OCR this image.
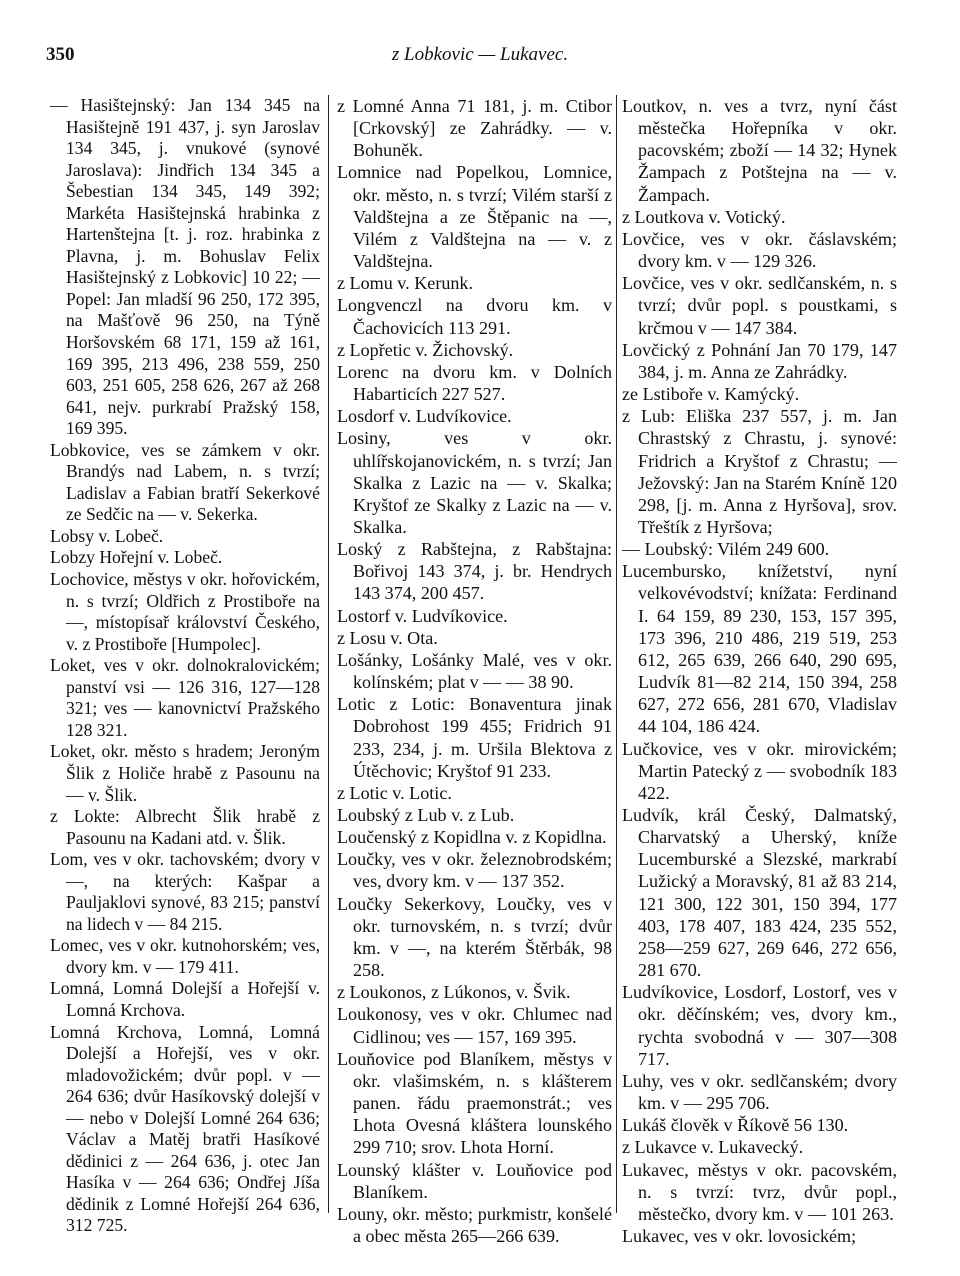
350	z Lobkovic — Lukavec.

— Hasištejnský: Jan 134 345 na Hasištejně 191 437, j. syn Jaroslav 134 345, j. vnukové (synové Jaroslava): Jindřich 134 345 a Šebestian 134 345, 149 392; Markéta Hasištejnská hrabinka z Hartenštejna [t. j. roz. hrabinka z Plavna, j. m. Bohuslav Felix Hasištejnský z Lobkovic] 10 22; — Popel: Jan mladší 96 250, 172 395, na Mašťově 96 250, na Týně Horšovském 68 171, 159 až 161, 169 395, 213 496, 238 559, 250 603, 251 605, 258 626, 267 až 268 641, nejv. purkrabí Pražský 158, 169 395.

Lobkovice, ves se zámkem v okr. Brandýs nad Labem, n. s tvrzí; Ladislav a Fabian bratří Sekerkové ze Sedčic na — v. Sekerka.

Lobsy v. Lobeč.

Lobzy Hořejní v. Lobeč.

Lochovice, městys v okr. hořovickém, n. s tvrzí; Oldřich z Prostiboře na —, místopísař království Českého, v. z Prostiboře [Humpolec].

Loket, ves v okr. dolnokralovickém; panství vsi — 126 316, 127—128 321; ves — kanovnictví Pražského 128 321.

Loket, okr. město s hradem; Jeroným Šlik z Holiče hrabě z Pasounu na — v. Šlik.

z Lokte: Albrecht Šlik hrabě z Pasounu na Kadani atd. v. Šlik.

Lom, ves v okr. tachovském; dvory v —, na kterých: Kašpar a Pauljaklovi synové, 83 215; panství na lidech v — 84 215.

Lomec, ves v okr. kutnohorském; ves, dvory km. v — 179 411.

Lomná, Lomná Dolejší a Hořejší v. Lomná Krchova.

Lomná Krchova, Lomná, Lomná Dolejší a Hořejší, ves v okr. mladovožickém; dvůr popl. v — 264 636; dvůr Hasíkovský dolejší v — nebo v Dolejší Lomné 264 636; Václav a Matěj bratři Hasíkové dědinici z — 264 636, j. otec Jan Hasíka v — 264 636; Ondřej Jíša dědinik z Lomné Hořejší 264 636, 312 725.

z Lomné Anna 71 181, j. m. Ctibor [Crkovský] ze Zahrádky. — v. Bohuněk.

Lomnice nad Popelkou, Lomnice, okr. město, n. s tvrzí; Vilém starší z Valdštejna a ze Štěpanic na —, Vilém z Valdštejna na — v. z Valdštejna.

z Lomu v. Kerunk.

Longvenczl na dvoru km. v Čachovicích 113 291.

z Lopřetic v. Žichovský.

Lorenc na dvoru km. v Dolních Habarticích 227 527.

Losdorf v. Ludvíkovice.

Losiny, ves v okr. uhlířskojanovickém, n. s tvrzí; Jan Skalka z Lazic na — v. Skalka; Kryštof ze Skalky z Lazic na — v. Skalka.

Loský z Rabštejna, z Rabštajna: Bořivoj 143 374, j. br. Hendrych 143 374, 200 457.

Lostorf v. Ludvíkovice.

z Losu v. Ota.

Lošánky, Lošánky Malé, ves v okr. kolínském; plat v — — 38 90.

Lotic z Lotic: Bonaventura jinak Dobrohost 199 455; Fridrich 91 233, 234, j. m. Uršila Blektova z Útěchovic; Kryštof 91 233.

z Lotic v. Lotic.

Loubský z Lub v. z Lub.

Loučenský z Kopidlna v. z Kopidlna.

Loučky, ves v okr. železnobrodském; ves, dvory km. v — 137 352.

Loučky Sekerkovy, Loučky, ves v okr. turnovském, n. s tvrzí; dvůr km. v —, na kterém Štěrbák, 98 258.

z Loukonos, z Lúkonos, v. Švik.

Loukonosy, ves v okr. Chlumec nad Cidlinou; ves — 157, 169 395.

Louňovice pod Blaníkem, městys v okr. vlašimském, n. s klášterem panen. řádu praemonstrát.; ves Lhota Ovesná kláštera lounského 299 710; srov. Lhota Horní.

Lounský klášter v. Louňovice pod Blaníkem.

Louny, okr. město; purkmistr, konšelé a obec města 265—266 639.

Loutkov, n. ves a tvrz, nyní část městečka Hořepníka v okr. pacovském; zboží — 14 32; Hynek Žampach z Potštejna na — v. Žampach.

z Loutkova v. Votický.

Lovčice, ves v okr. čáslavském; dvory km. v — 129 326.

Lovčice, ves v okr. sedlčanském, n. s tvrzí; dvůr popl. s poustkami, s krčmou v — 147 384.

Lovčický z Pohnání Jan 70 179, 147 384, j. m. Anna ze Zahrádky.

ze Lstiboře v. Kamýcký.

z Lub: Eliška 237 557, j. m. Jan Chrastský z Chrastu, j. synové: Fridrich a Kryštof z Chrastu; — Ježovský: Jan na Starém Kníně 120 298, [j. m. Anna z Hyršova], srov. Třeštík z Hyršova;

— Loubský: Vilém 249 600.

Lucembursko, knížetství, nyní velkovévodství; knížata: Ferdinand I. 64 159, 89 230, 153, 157 395, 173 396, 210 486, 219 519, 253 612, 265 639, 266 640, 290 695, Ludvík 81—82 214, 150 394, 258 627, 272 656, 281 670, Vladislav 44 104, 186 424.

Lučkovice, ves v okr. mirovickém; Martin Patecký z — svobodník 183 422.

Ludvík, král Český, Dalmatský, Charvatský a Uherský, kníže Lucemburské a Slezské, markrabí Lužický a Moravský, 81 až 83 214, 121 300, 122 301, 150 394, 177 403, 178 407, 183 424, 235 552, 258—259 627, 269 646, 272 656, 281 670.

Ludvíkovice, Losdorf, Lostorf, ves v okr. děčínském; ves, dvory km., rychta svobodná v — 307—308 717.

Luhy, ves v okr. sedlčanském; dvory km. v — 295 706.

Lukáš člověk v Říkově 56 130.

z Lukavce v. Lukavecký.

Lukavec, městys v okr. pacovském, n. s tvrzí: tvrz, dvůr popl., městečko, dvory km. v — 101 263.

Lukavec, ves v okr. lovosickém;
